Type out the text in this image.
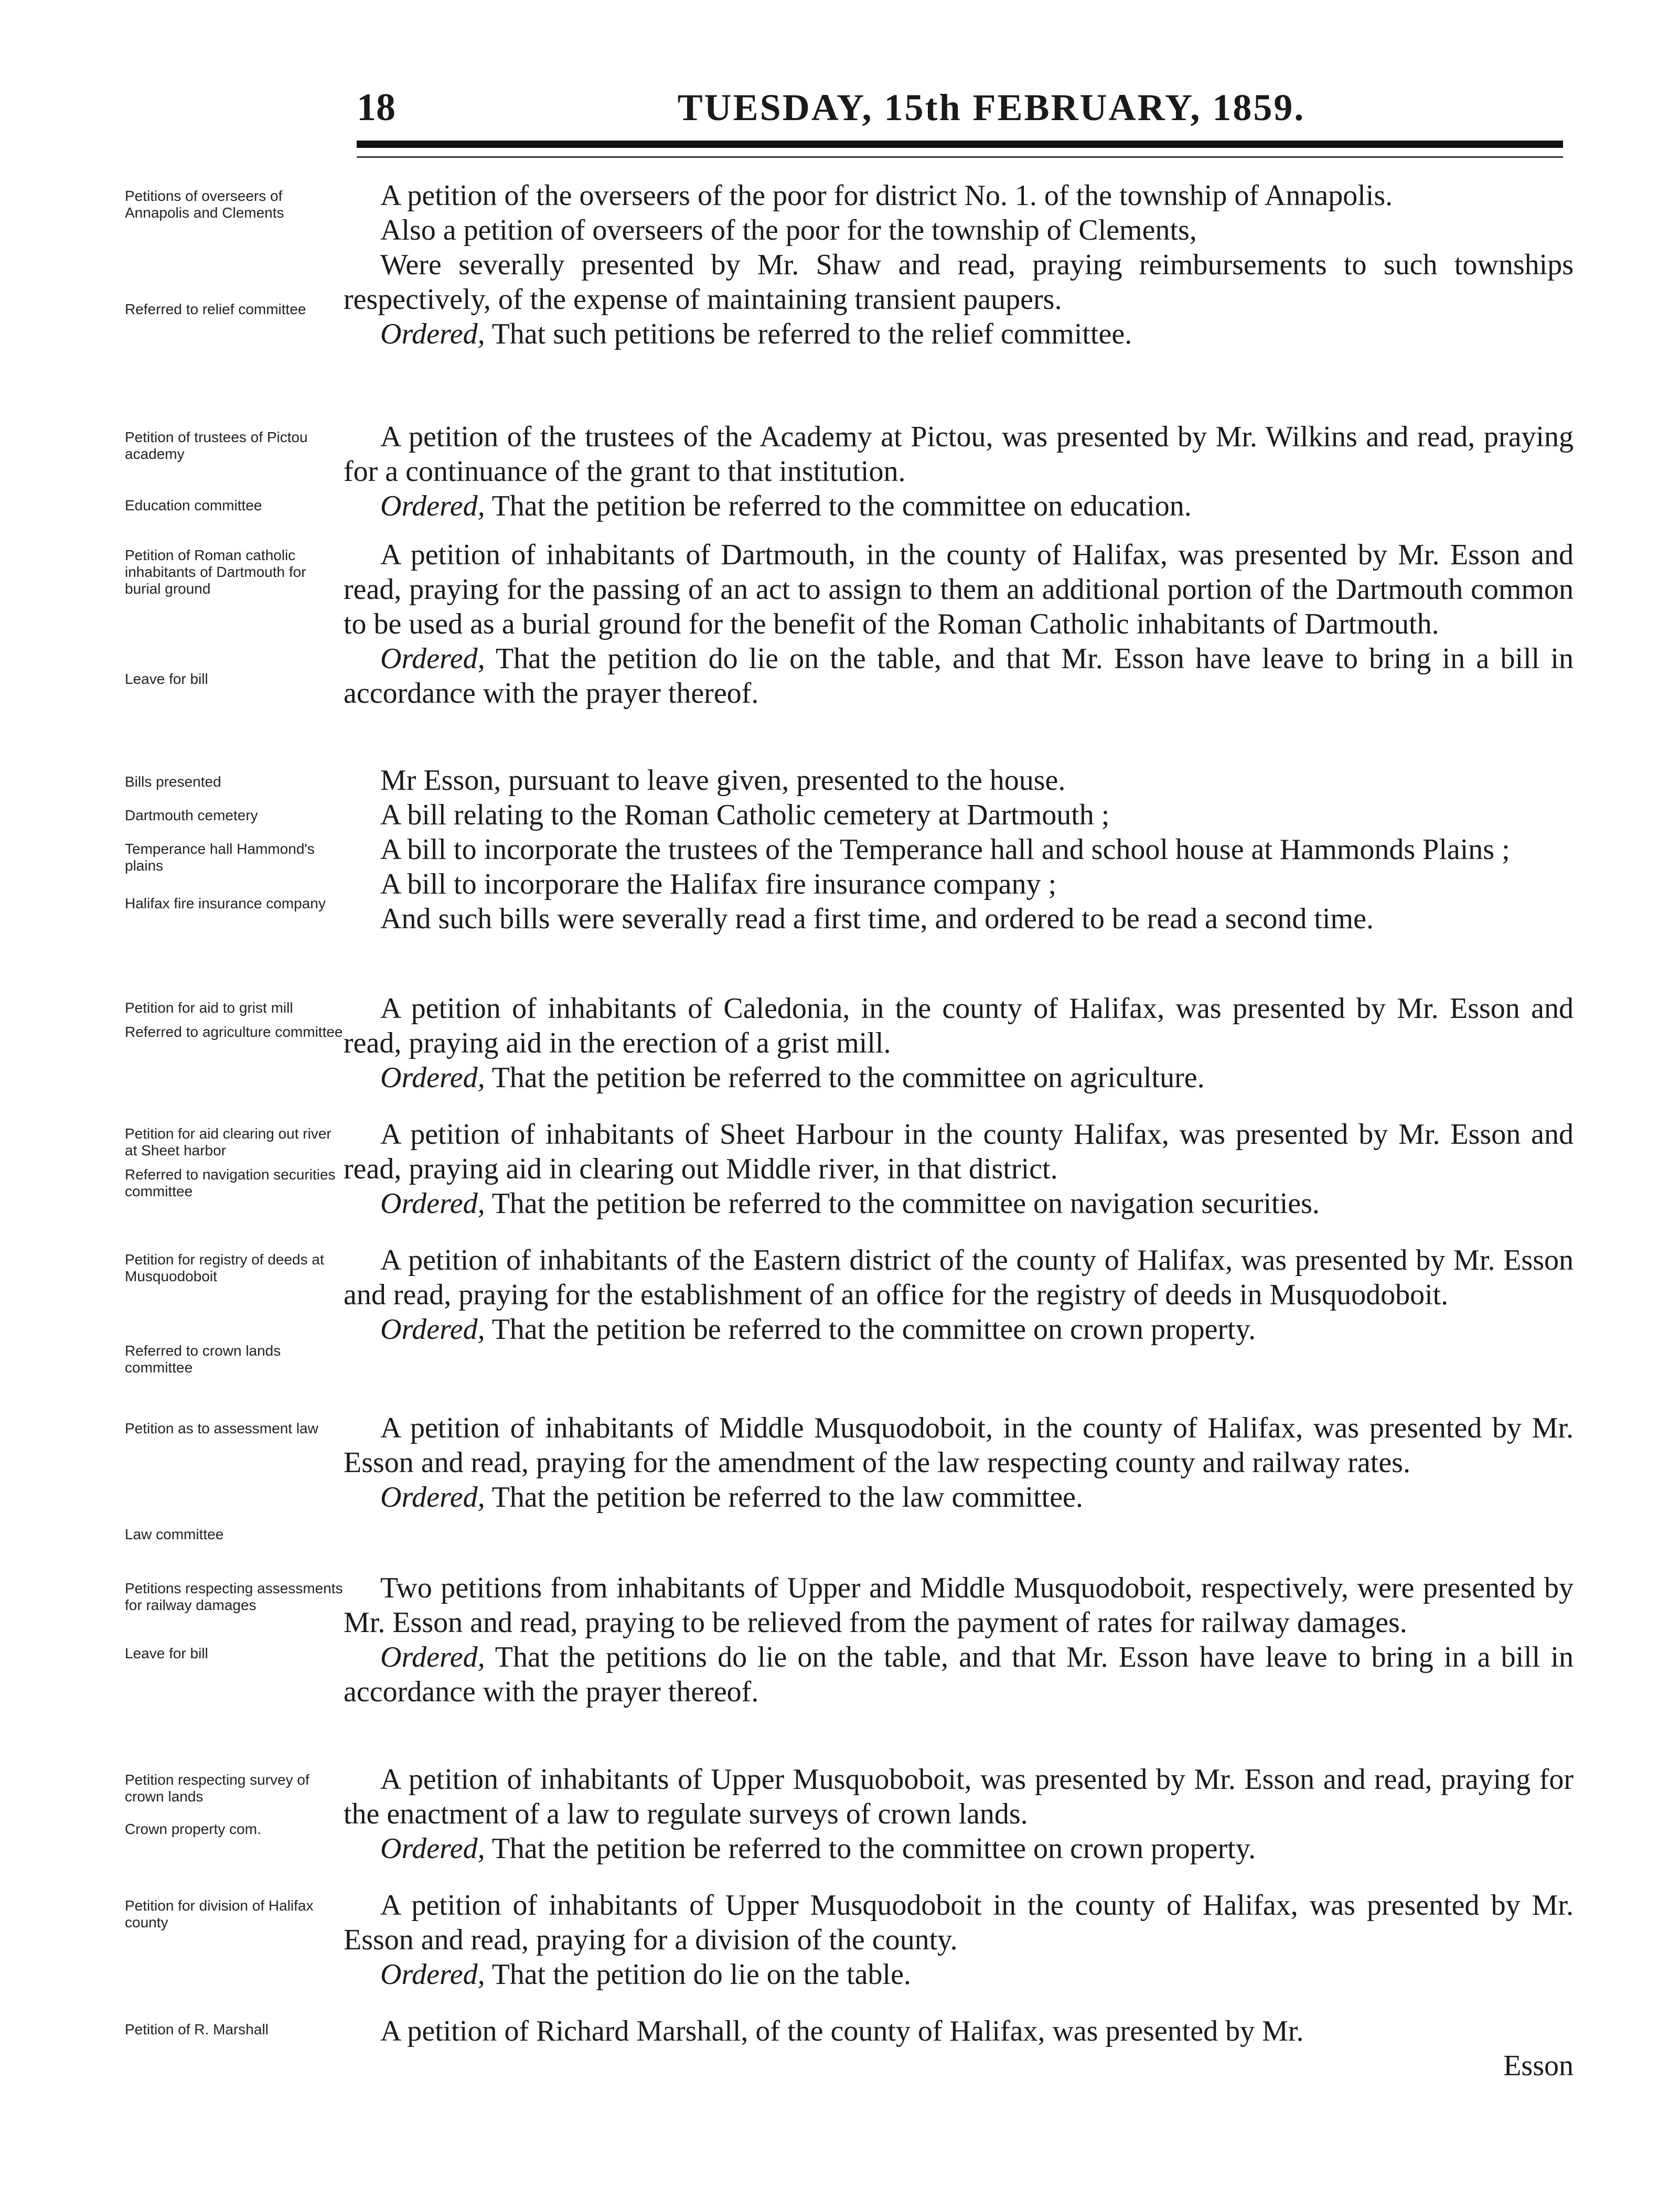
18	TUESDAY, 15th FEBRUARY, 1859.
Petitions of overseers of Annapolis and Clements
Referred to relief committee

A petition of the overseers of the poor for district No. 1. of the township of Annapolis.

Also a petition of overseers of the poor for the township of Clements,

Were severally presented by Mr. Shaw and read, praying reimbursements to such townships respectively, of the expense of maintaining transient paupers.

Ordered, That such petitions be referred to the relief committee.

Petition of trustees of Pictou academy
Education committee

A petition of the trustees of the Academy at Pictou, was presented by Mr. Wilkins and read, praying for a continuance of the grant to that institution.

Ordered, That the petition be referred to the committee on education.

Petition of Roman catholic inhabitants of Dartmouth for burial ground
Leave for bill

A petition of inhabitants of Dartmouth, in the county of Halifax, was presented by Mr. Esson and read, praying for the passing of an act to assign to them an additional portion of the Dartmouth common to be used as a burial ground for the benefit of the Roman Catholic inhabitants of Dartmouth.

Ordered, That the petition do lie on the table, and that Mr. Esson have leave to bring in a bill in accordance with the prayer thereof.

Bills presented
Dartmouth cemetery
Temperance hall Hammond's plains
Halifax fire insurance company

Mr Esson, pursuant to leave given, presented to the house.

A bill relating to the Roman Catholic cemetery at Dartmouth ;

A bill to incorporate the trustees of the Temperance hall and school house at Hammonds Plains ;

A bill to incorporare the Halifax fire insurance company ;

And such bills were severally read a first time, and ordered to be read a second time.

Petition for aid to grist mill
Referred to agriculture committee

A petition of inhabitants of Caledonia, in the county of Halifax, was presented by Mr. Esson and read, praying aid in the erection of a grist mill.

Ordered, That the petition be referred to the committee on agriculture.

Petition for aid clearing out river at Sheet harbor
Referred to navigation securities committee

A petition of inhabitants of Sheet Harbour in the county Halifax, was presented by Mr. Esson and read, praying aid in clearing out Middle river, in that district.

Ordered, That the petition be referred to the committee on navigation securities.

Petition for registry of deeds at Musquodoboit
Referred to crown lands committee

A petition of inhabitants of the Eastern district of the county of Halifax, was presented by Mr. Esson and read, praying for the establishment of an office for the registry of deeds in Musquodoboit.

Ordered, That the petition be referred to the committee on crown property.

Petition as to assessment law
Law committee

A petition of inhabitants of Middle Musquodoboit, in the county of Halifax, was presented by Mr. Esson and read, praying for the amendment of the law respecting county and railway rates.

Ordered, That the petition be referred to the law committee.

Petitions respecting assessments for railway damages
Leave for bill

Two petitions from inhabitants of Upper and Middle Musquodoboit, respectively, were presented by Mr. Esson and read, praying to be relieved from the payment of rates for railway damages.

Ordered, That the petitions do lie on the table, and that Mr. Esson have leave to bring in a bill in accordance with the prayer thereof.

Petition respecting survey of crown lands
Crown property com.

A petition of inhabitants of Upper Musquoboboit, was presented by Mr. Esson and read, praying for the enactment of a law to regulate surveys of crown lands.

Ordered, That the petition be referred to the committee on crown property.

Petition for division of Halifax county

A petition of inhabitants of Upper Musquodoboit in the county of Halifax, was presented by Mr. Esson and read, praying for a division of the county.

Ordered, That the petition do lie on the table.

Petition of R. Marshall	A petition of Richard Marshall, of the county of Halifax, was presented by Mr.

Esson
